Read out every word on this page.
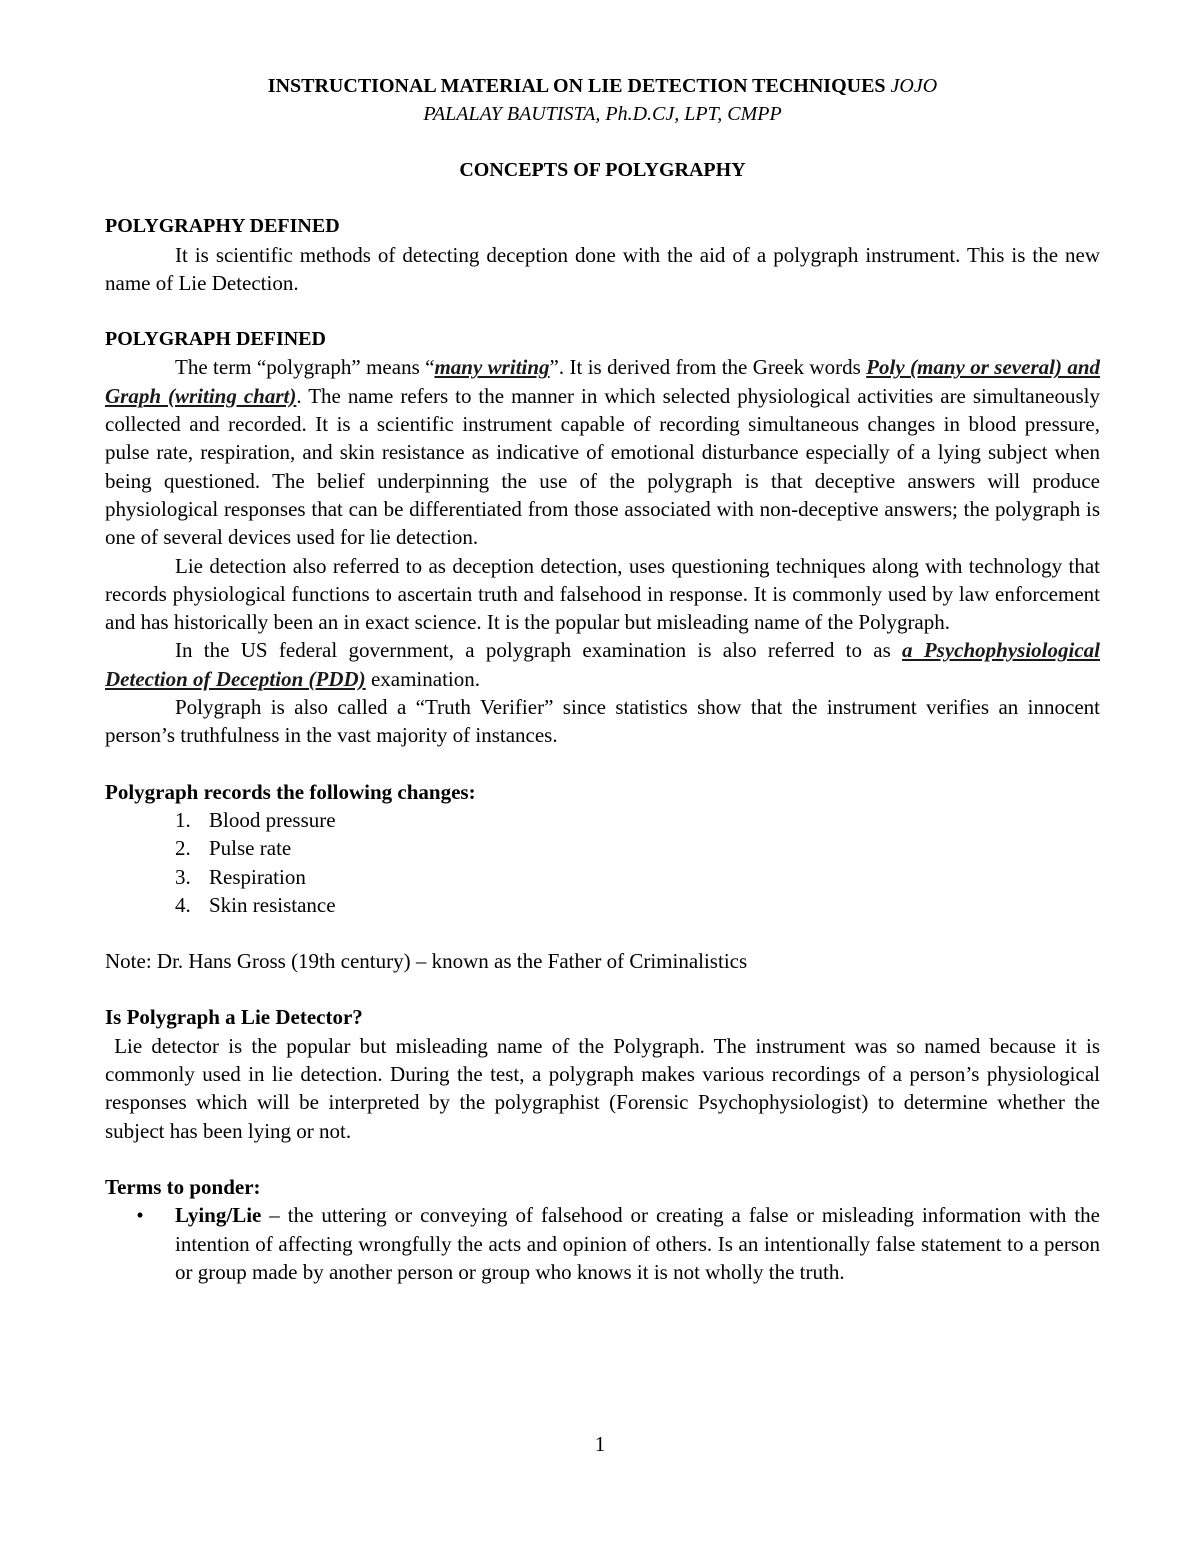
INSTRUCTIONAL MATERIAL ON LIE DETECTION TECHNIQUES JOJO
PALALAY BAUTISTA, Ph.D.CJ, LPT, CMPP
CONCEPTS OF POLYGRAPHY
POLYGRAPHY DEFINED

It is scientific methods of detecting deception done with the aid of a polygraph instrument. This is the new name of Lie Detection.

POLYGRAPH DEFINED

The term “polygraph” means “many writing”. It is derived from the Greek words Poly (many or several) and Graph (writing chart). The name refers to the manner in which selected physiological activities are simultaneously collected and recorded. It is a scientific instrument capable of recording simultaneous changes in blood pressure, pulse rate, respiration, and skin resistance as indicative of emotional disturbance especially of a lying subject when being questioned. The belief underpinning the use of the polygraph is that deceptive answers will produce physiological responses that can be differentiated from those associated with non-deceptive answers; the polygraph is one of several devices used for lie detection.

Lie detection also referred to as deception detection, uses questioning techniques along with technology that records physiological functions to ascertain truth and falsehood in response. It is commonly used by law enforcement and has historically been an in exact science. It is the popular but misleading name of the Polygraph.

In the US federal government, a polygraph examination is also referred to as a Psychophysiological Detection of Deception (PDD) examination.

Polygraph is also called a “Truth Verifier” since statistics show that the instrument verifies an innocent person’s truthfulness in the vast majority of instances.

Polygraph records the following changes:
1. Blood pressure
2. Pulse rate
3. Respiration
4. Skin resistance

Note: Dr. Hans Gross (19th century) – known as the Father of Criminalistics

Is Polygraph a Lie Detector?

Lie detector is the popular but misleading name of the Polygraph. The instrument was so named because it is commonly used in lie detection. During the test, a polygraph makes various recordings of a person’s physiological responses which will be interpreted by the polygraphist (Forensic Psychophysiologist) to determine whether the subject has been lying or not.

Terms to ponder:
•	Lying/Lie – the uttering or conveying of falsehood or creating a false or misleading information with the intention of affecting wrongfully the acts and opinion of others. Is an intentionally false statement to a person or group made by another person or group who knows it is not wholly the truth.
1
